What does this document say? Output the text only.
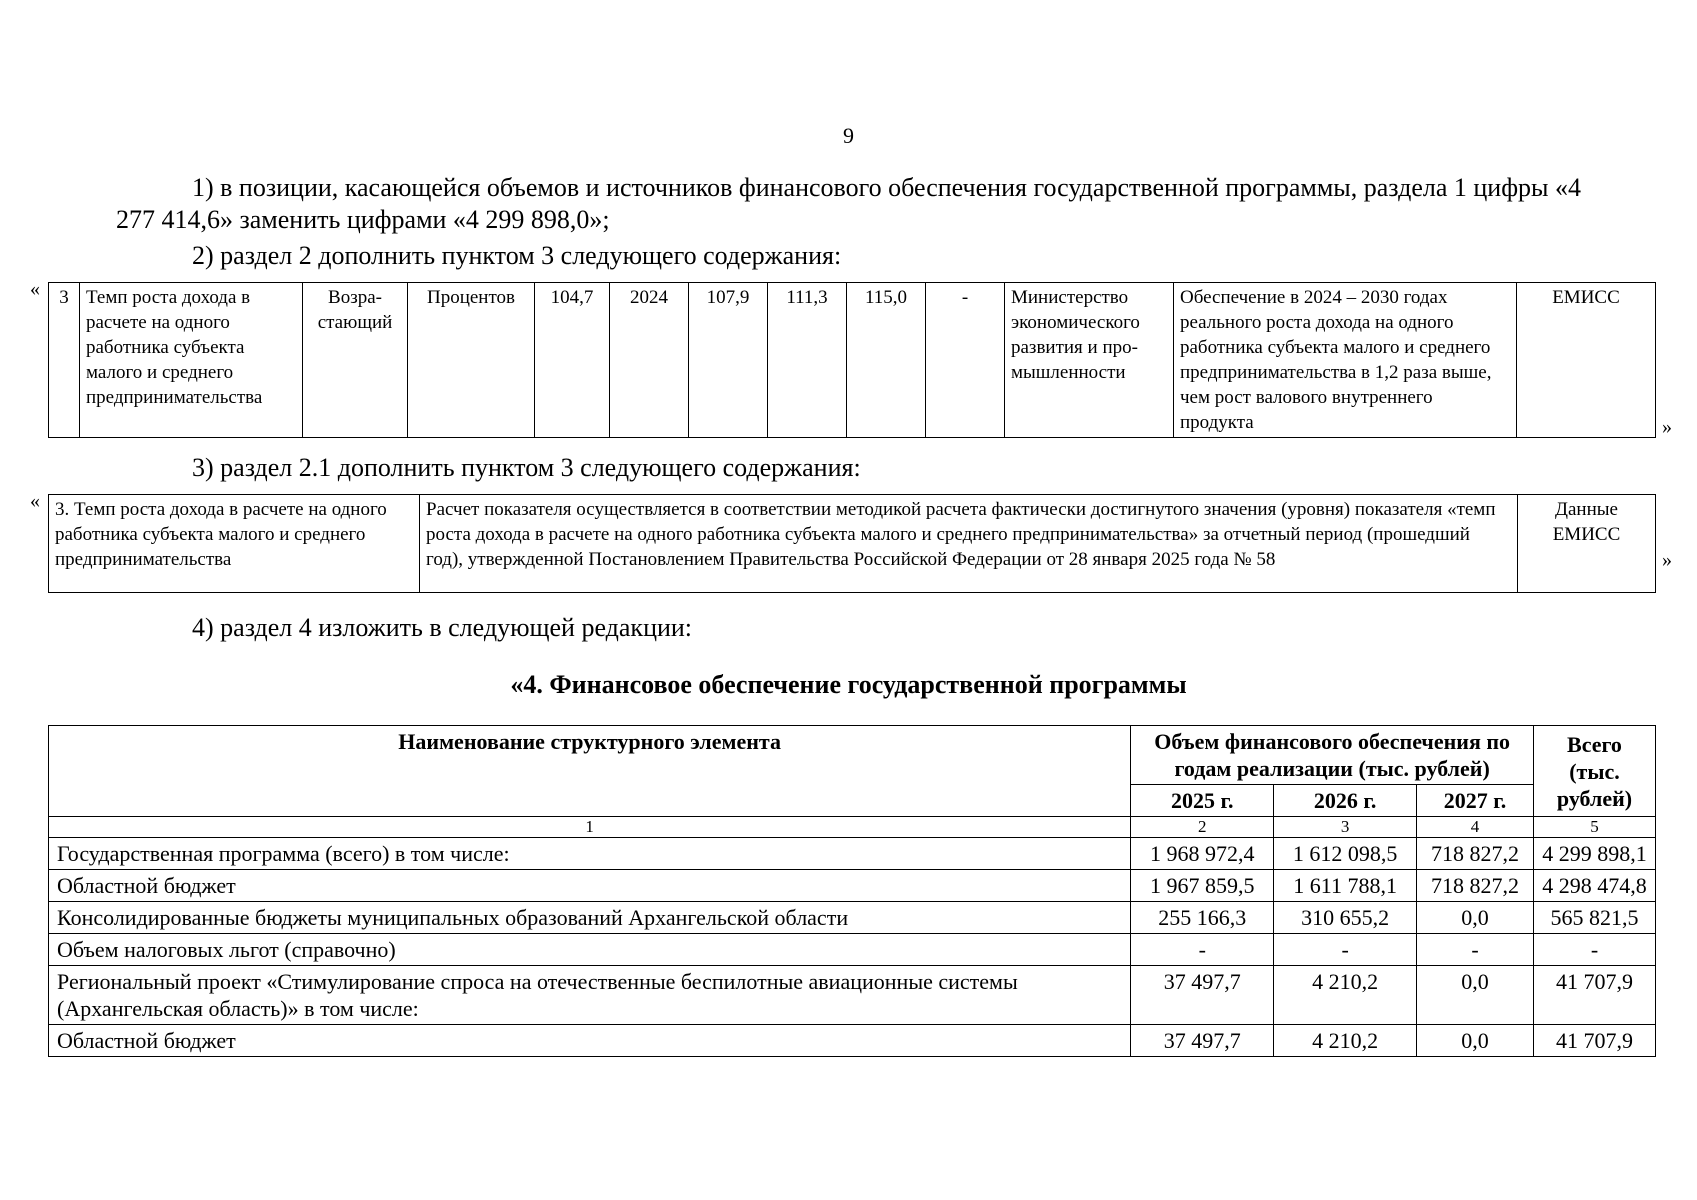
9
1) в позиции, касающейся объемов и источников финансового обеспечения государственной программы, раздела 1 цифры «4 277 414,6» заменить цифрами «4 299 898,0»;
2) раздел 2 дополнить пунктом 3 следующего содержания:
« 3	Темп роста дохода в расчете на одного работника субъекта малого и среднего предпринимательства	Возра-стающий	Процентов	104,7	2024	107,9	111,3	115,0	-	Министерство экономического развития и про-мышленности	Обеспечение в 2024 – 2030 годах реального роста дохода на одного работника субъекта малого и среднего предпринимательства в 1,2 раза выше, чем рост валового внутреннего продукта	ЕМИСС
»
3) раздел 2.1 дополнить пунктом 3 следующего содержания:
« 3. Темп роста дохода в расчете на одного работника субъекта малого и среднего предпринимательства	Расчет показателя осуществляется в соответствии методикой расчета фактически достигнутого значения (уровня) показателя «темп роста дохода в расчете на одного работника субъекта малого и среднего предпринимательства» за отчетный период (прошедший год), утвержденной Постановлением Правительства Российской Федерации от 28 января 2025 года № 58	Данные ЕМИСС
»
4) раздел 4 изложить в следующей редакции:
«4. Финансовое обеспечение государственной программы
Наименование структурного элемента	Объем финансового обеспечения по годам реализации (тыс. рублей)			Всего (тыс. рублей)
	2025 г.	2026 г.	2027 г.	
1	2	3	4	5
Государственная программа (всего) в том числе:	1 968 972,4	1 612 098,5	718 827,2	4 299 898,1
Областной бюджет	1 967 859,5	1 611 788,1	718 827,2	4 298 474,8
Консолидированные бюджеты муниципальных образований Архангельской области	255 166,3	310 655,2	0,0	565 821,5
Объем налоговых льгот (справочно)	-	-	-	-
Региональный проект «Стимулирование спроса на отечественные беспилотные авиационные системы (Архангельская область)» в том числе:	37 497,7	4 210,2	0,0	41 707,9
Областной бюджет	37 497,7	4 210,2	0,0	41 707,9
